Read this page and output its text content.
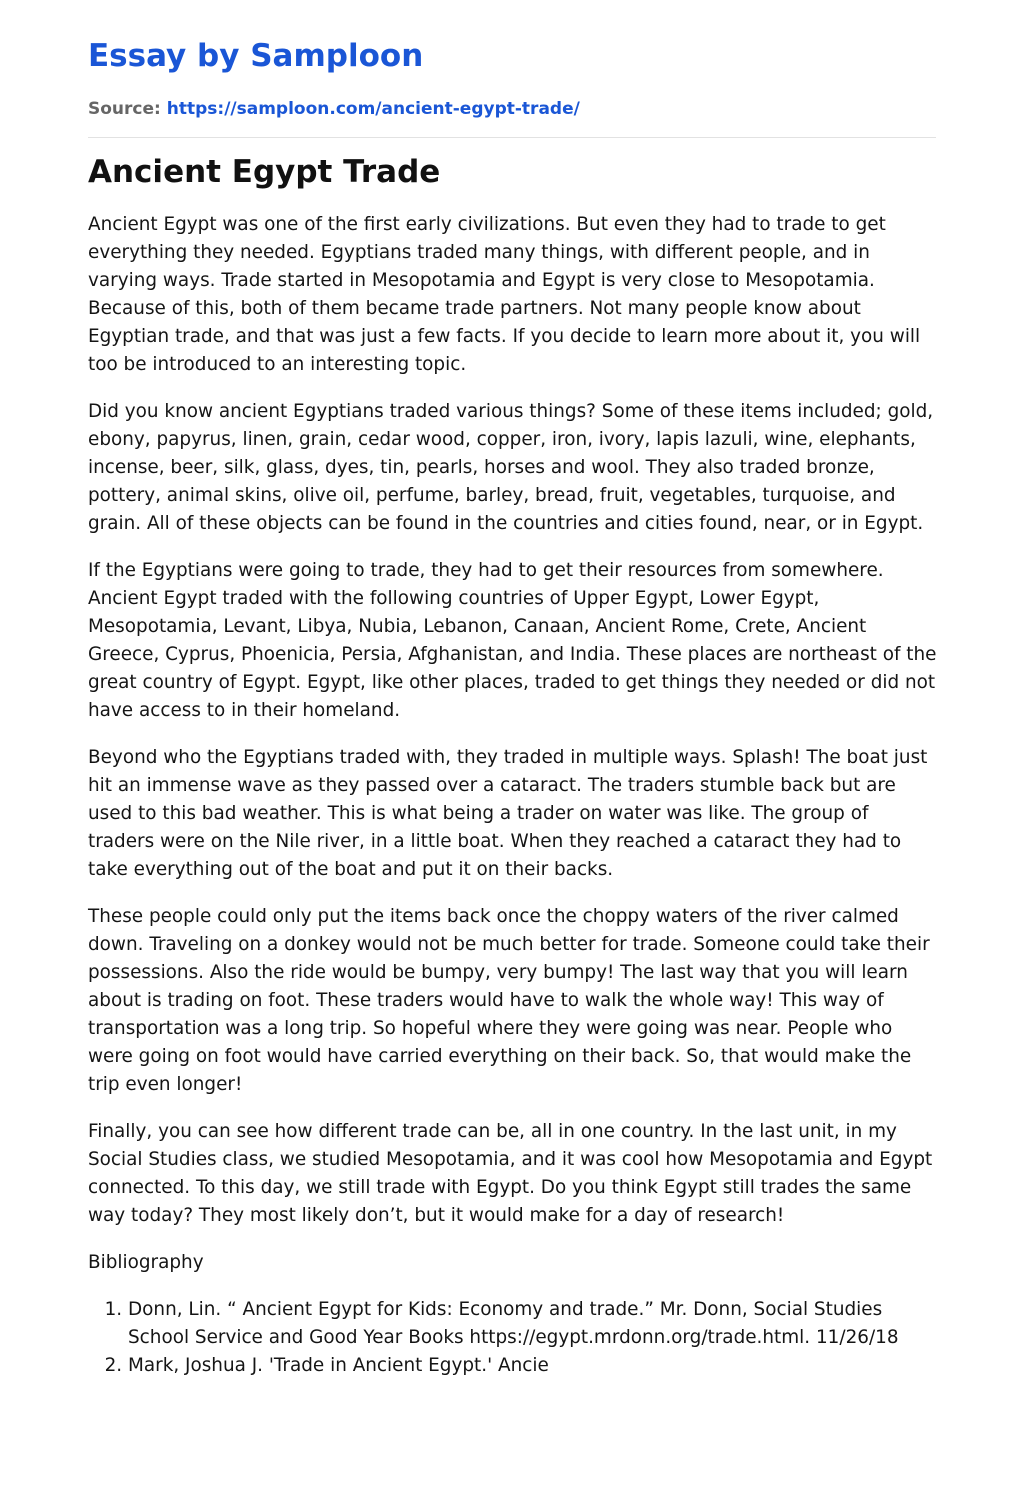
Essay by Samploon
Source: https://samploon.com/ancient-egypt-trade/
Ancient Egypt Trade

Ancient Egypt was one of the first early civilizations. But even they had to trade to get everything they needed. Egyptians traded many things, with different people, and in varying ways. Trade started in Mesopotamia and Egypt is very close to Mesopotamia. Because of this, both of them became trade partners. Not many people know about Egyptian trade, and that was just a few facts. If you decide to learn more about it, you will too be introduced to an interesting topic.

Did you know ancient Egyptians traded various things? Some of these items included; gold, ebony, papyrus, linen, grain, cedar wood, copper, iron, ivory, lapis lazuli, wine, elephants, incense, beer, silk, glass, dyes, tin, pearls, horses and wool. They also traded bronze, pottery, animal skins, olive oil, perfume, barley, bread, fruit, vegetables, turquoise, and grain. All of these objects can be found in the countries and cities found, near, or in Egypt.

If the Egyptians were going to trade, they had to get their resources from somewhere. Ancient Egypt traded with the following countries of Upper Egypt, Lower Egypt, Mesopotamia, Levant, Libya, Nubia, Lebanon, Canaan, Ancient Rome, Crete, Ancient Greece, Cyprus, Phoenicia, Persia, Afghanistan, and India. These places are northeast of the great country of Egypt. Egypt, like other places, traded to get things they needed or did not have access to in their homeland.

Beyond who the Egyptians traded with, they traded in multiple ways. Splash! The boat just hit an immense wave as they passed over a cataract. The traders stumble back but are used to this bad weather. This is what being a trader on water was like. The group of traders were on the Nile river, in a little boat. When they reached a cataract they had to take everything out of the boat and put it on their backs.

These people could only put the items back once the choppy waters of the river calmed down. Traveling on a donkey would not be much better for trade. Someone could take their possessions. Also the ride would be bumpy, very bumpy! The last way that you will learn about is trading on foot. These traders would have to walk the whole way! This way of transportation was a long trip. So hopeful where they were going was near. People who were going on foot would have carried everything on their back. So, that would make the trip even longer!

Finally, you can see how different trade can be, all in one country. In the last unit, in my Social Studies class, we studied Mesopotamia, and it was cool how Mesopotamia and Egypt connected. To this day, we still trade with Egypt. Do you think Egypt still trades the same way today? They most likely don’t, but it would make for a day of research!

Bibliography

1. Donn, Lin. “ Ancient Egypt for Kids: Economy and trade.” Mr. Donn, Social Studies School Service and Good Year Books https://egypt.mrdonn.org/trade.html. 11/26/18
2. Mark, Joshua J. 'Trade in Ancient Egypt.' Ancie
